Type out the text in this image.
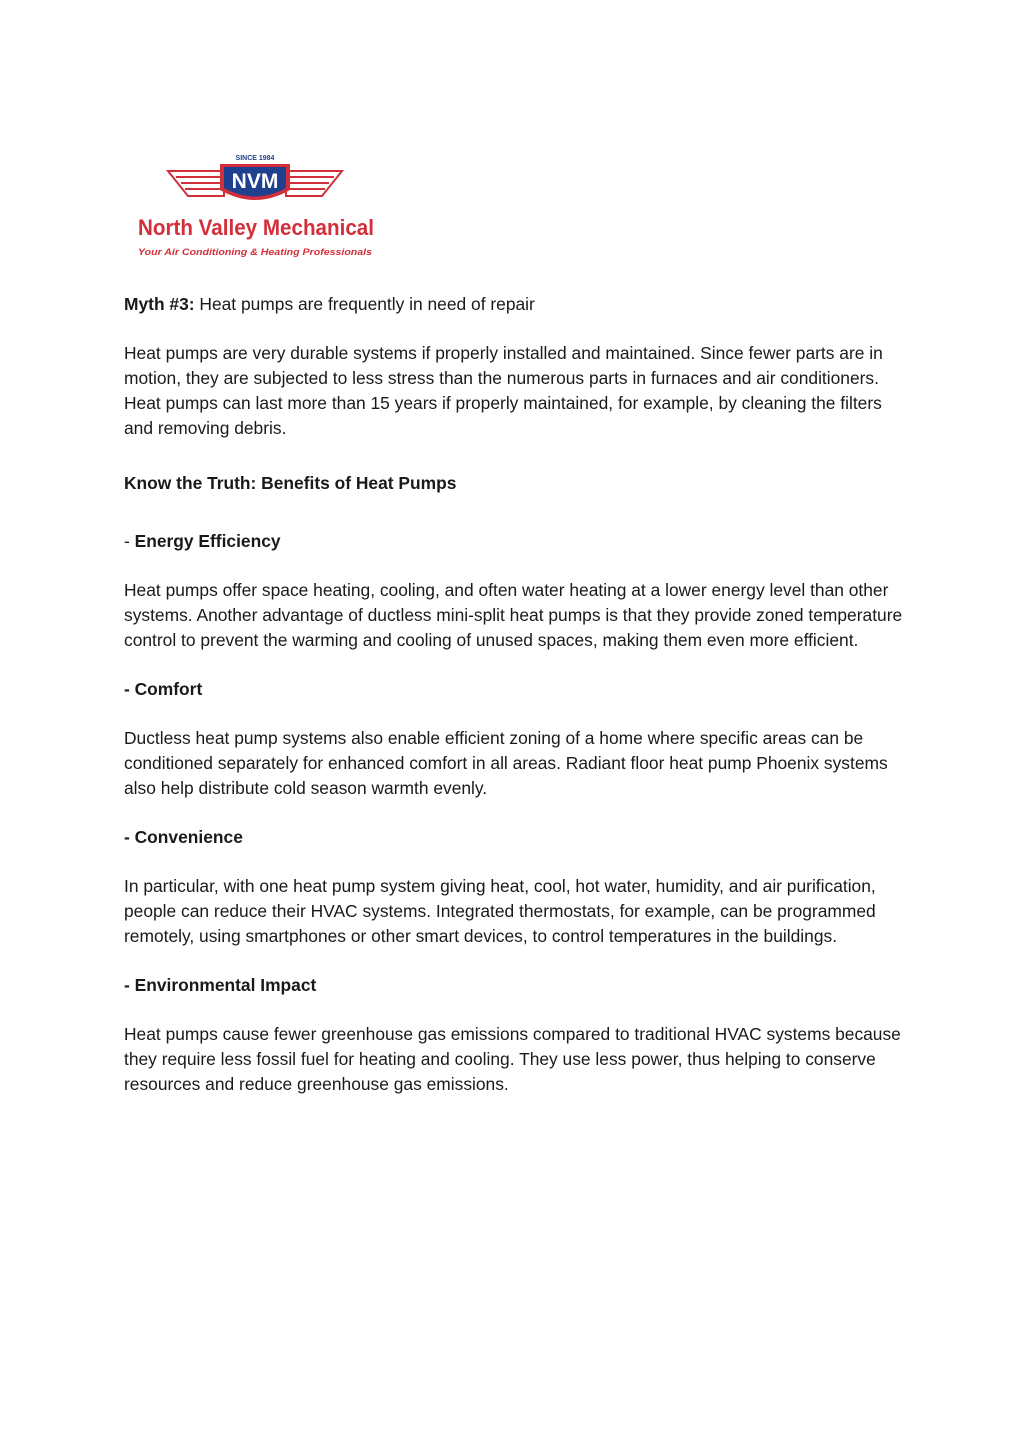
SINCE 1984
NVM
North Valley Mechanical
Your Air Conditioning & Heating Professionals

Myth #3: Heat pumps are frequently in need of repair

Heat pumps are very durable systems if properly installed and maintained. Since fewer parts are in motion, they are subjected to less stress than the numerous parts in furnaces and air conditioners. Heat pumps can last more than 15 years if properly maintained, for example, by cleaning the filters and removing debris.

Know the Truth: Benefits of Heat Pumps

- Energy Efficiency

Heat pumps offer space heating, cooling, and often water heating at a lower energy level than other systems. Another advantage of ductless mini-split heat pumps is that they provide zoned temperature control to prevent the warming and cooling of unused spaces, making them even more efficient.

- Comfort

Ductless heat pump systems also enable efficient zoning of a home where specific areas can be conditioned separately for enhanced comfort in all areas. Radiant floor heat pump Phoenix systems also help distribute cold season warmth evenly.

- Convenience

In particular, with one heat pump system giving heat, cool, hot water, humidity, and air purification, people can reduce their HVAC systems. Integrated thermostats, for example, can be programmed remotely, using smartphones or other smart devices, to control temperatures in the buildings.

- Environmental Impact

Heat pumps cause fewer greenhouse gas emissions compared to traditional HVAC systems because they require less fossil fuel for heating and cooling. They use less power, thus helping to conserve resources and reduce greenhouse gas emissions.
